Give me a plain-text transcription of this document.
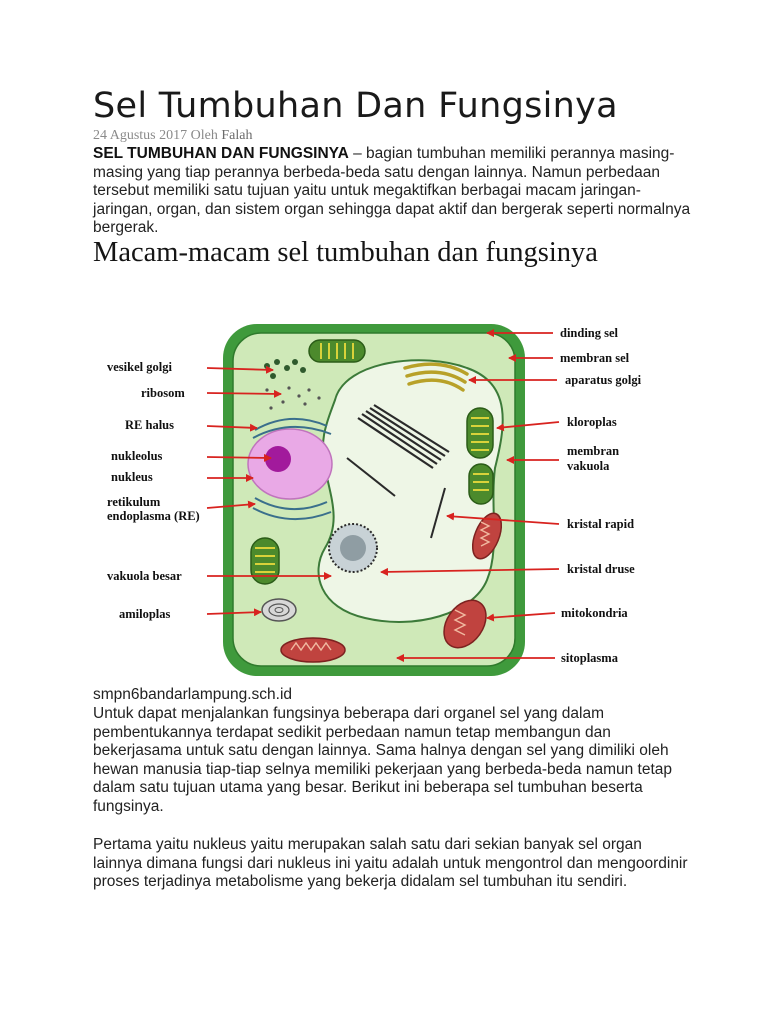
Sel Tumbuhan Dan Fungsinya
24 Agustus 2017 Oleh Falah

SEL TUMBUHAN DAN FUNGSINYA – bagian tumbuhan memiliki perannya masing-masing yang tiap perannya berbeda-beda satu dengan lainnya. Namun perbedaan tersebut memiliki satu tujuan yaitu untuk megaktifkan berbagai macam jaringan-jaringan, organ, dan sistem organ sehingga dapat aktif dan bergerak seperti normalnya bergerak.

Macam-macam sel tumbuhan dan fungsinya
vesikel golgi
ribosom
RE halus
nukleolus
nukleus
retikulum
endoplasma (RE)
vakuola besar
amiloplas
dinding sel
membran sel
aparatus golgi
kloroplas
membran
vakuola
kristal rapid
kristal druse
mitokondria
sitoplasma

smpn6bandarlampung.sch.id

Untuk dapat menjalankan fungsinya beberapa dari organel sel yang dalam pembentukannya terdapat sedikit perbedaan namun tetap membangun dan bekerjasama untuk satu dengan lainnya. Sama halnya dengan sel yang dimiliki oleh hewan manusia tiap-tiap selnya memiliki pekerjaan yang berbeda-beda namun tetap dalam satu tujuan utama yang besar. Berikut ini beberapa sel tumbuhan beserta fungsinya.

Pertama yaitu nukleus yaitu merupakan salah satu dari sekian banyak sel organ lainnya dimana fungsi dari nukleus ini yaitu adalah untuk mengontrol dan mengoordinir proses terjadinya metabolisme yang bekerja didalam sel tumbuhan itu sendiri.
